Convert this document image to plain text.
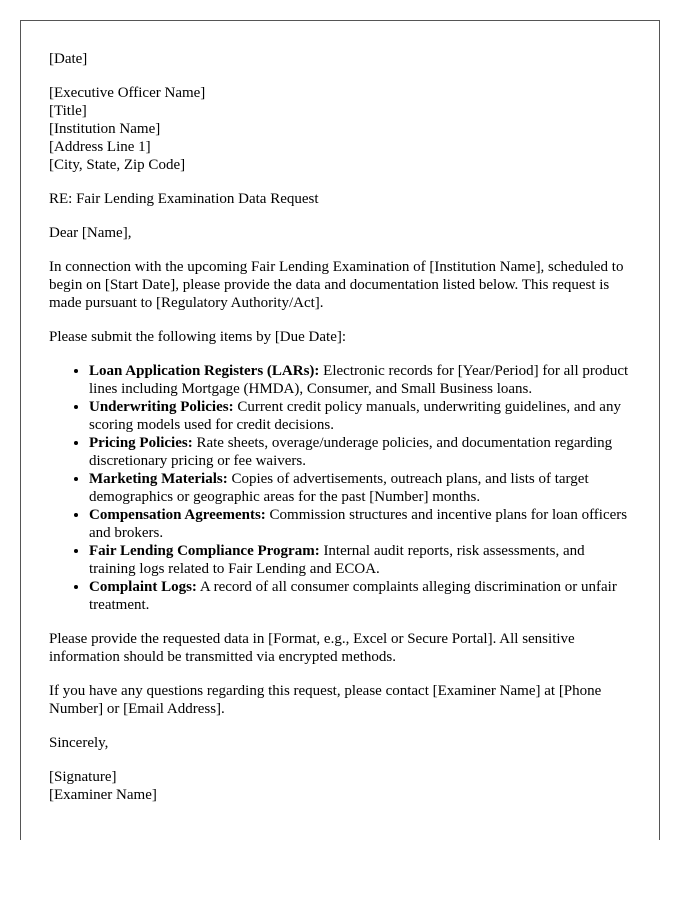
[Date]
[Executive Officer Name]
[Title]
[Institution Name]
[Address Line 1]
[City, State, Zip Code]
RE: Fair Lending Examination Data Request
Dear [Name],
In connection with the upcoming Fair Lending Examination of [Institution Name], scheduled to begin on [Start Date], please provide the data and documentation listed below. This request is made pursuant to [Regulatory Authority/Act].
Please submit the following items by [Due Date]:
• Loan Application Registers (LARs): Electronic records for [Year/Period] for all product lines including Mortgage (HMDA), Consumer, and Small Business loans.
• Underwriting Policies: Current credit policy manuals, underwriting guidelines, and any scoring models used for credit decisions.
• Pricing Policies: Rate sheets, overage/underage policies, and documentation regarding discretionary pricing or fee waivers.
• Marketing Materials: Copies of advertisements, outreach plans, and lists of target demographics or geographic areas for the past [Number] months.
• Compensation Agreements: Commission structures and incentive plans for loan officers and brokers.
• Fair Lending Compliance Program: Internal audit reports, risk assessments, and training logs related to Fair Lending and ECOA.
• Complaint Logs: A record of all consumer complaints alleging discrimination or unfair treatment.
Please provide the requested data in [Format, e.g., Excel or Secure Portal]. All sensitive information should be transmitted via encrypted methods.
If you have any questions regarding this request, please contact [Examiner Name] at [Phone Number] or [Email Address].
Sincerely,
[Signature]
[Examiner Name]
